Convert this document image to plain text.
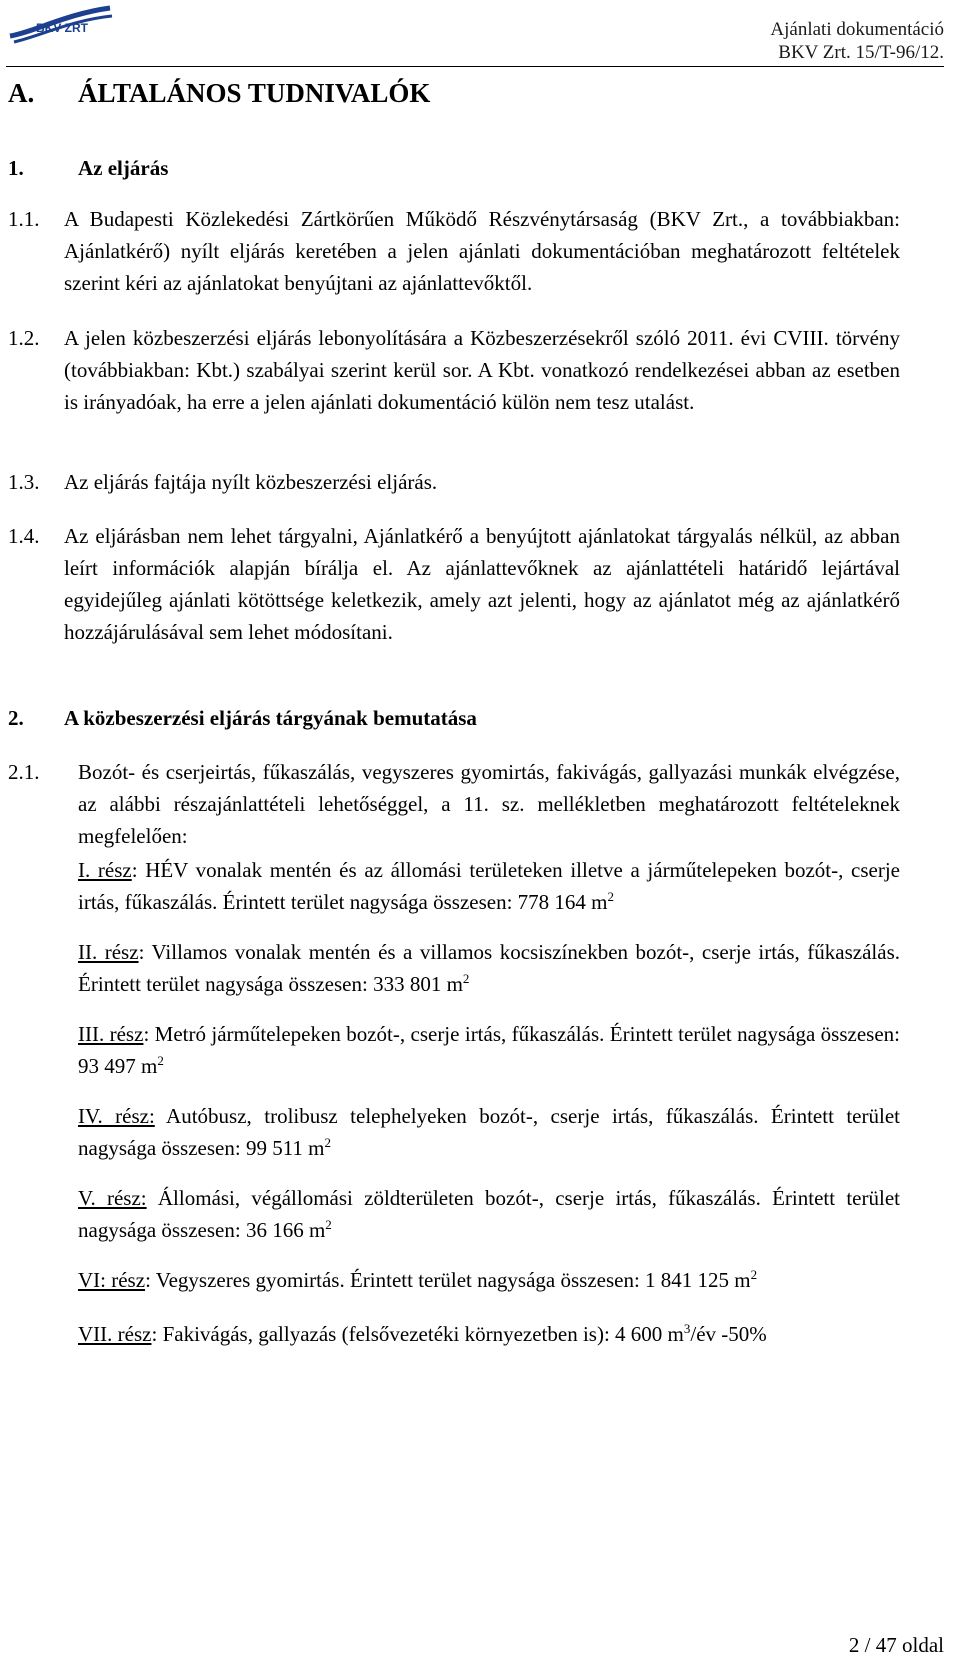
BKV ZRT	Ajánlati dokumentáció
BKV Zrt. 15/T-96/12.
A. ÁLTALÁNOS TUDNIVALÓK
1.	Az eljárás
1.1. A Budapesti Közlekedési Zártkörűen Működő Részvénytársaság (BKV Zrt., a továbbiakban: Ajánlatkérő) nyílt eljárás keretében a jelen ajánlati dokumentációban meghatározott feltételek szerint kéri az ajánlatokat benyújtani az ajánlattevőktől.
1.2. A jelen közbeszerzési eljárás lebonyolítására a Közbeszerzésekről szóló 2011. évi CVIII. törvény (továbbiakban: Kbt.) szabályai szerint kerül sor. A Kbt. vonatkozó rendelkezései abban az esetben is irányadóak, ha erre a jelen ajánlati dokumentáció külön nem tesz utalást.
1.3. Az eljárás fajtája nyílt közbeszerzési eljárás.
1.4. Az eljárásban nem lehet tárgyalni, Ajánlatkérő a benyújtott ajánlatokat tárgyalás nélkül, az abban leírt információk alapján bírálja el. Az ajánlattevőknek az ajánlattételi határidő lejártával egyidejűleg ajánlati kötöttsége keletkezik, amely azt jelenti, hogy az ajánlatot még az ajánlatkérő hozzájárulásával sem lehet módosítani.
2. A közbeszerzési eljárás tárgyának bemutatása
2.1. Bozót- és cserjeirtás, fűkaszálás, vegyszeres gyomirtás, fakivágás, gallyazási munkák elvégzése, az alábbi részajánlattételi lehetőséggel, a 11. sz. mellékletben meghatározott feltételeknek megfelelően:
I. rész: HÉV vonalak mentén és az állomási területeken illetve a járműtelepeken bozót-, cserje irtás, fűkaszálás. Érintett terület nagysága összesen: 778 164 $m^2$
II. rész: Villamos vonalak mentén és a villamos kocsiszínekben bozót-, cserje irtás, fűkaszálás. Érintett terület nagysága összesen: 333 801 $m^2$
III. rész: Metró járműtelepeken bozót-, cserje irtás, fűkaszálás. Érintett terület nagysága összesen: 93 497 $m^2$
IV. rész: Autóbusz, trolibusz telephelyeken bozót-, cserje irtás, fűkaszálás. Érintett terület nagysága összesen: 99 511 $m^2$
V. rész: Állomási, végállomási zöldterületen bozót-, cserje irtás, fűkaszálás. Érintett terület nagysága összesen: 36 166 $m^2$
VI: rész: Vegyszeres gyomirtás. Érintett terület nagysága összesen: 1 841 125 $m^2$
VII. rész: Fakivágás, gallyazás (felsővezetéki környezetben is): 4 600 $m^3/év$ -50%
2 / 47 oldal
